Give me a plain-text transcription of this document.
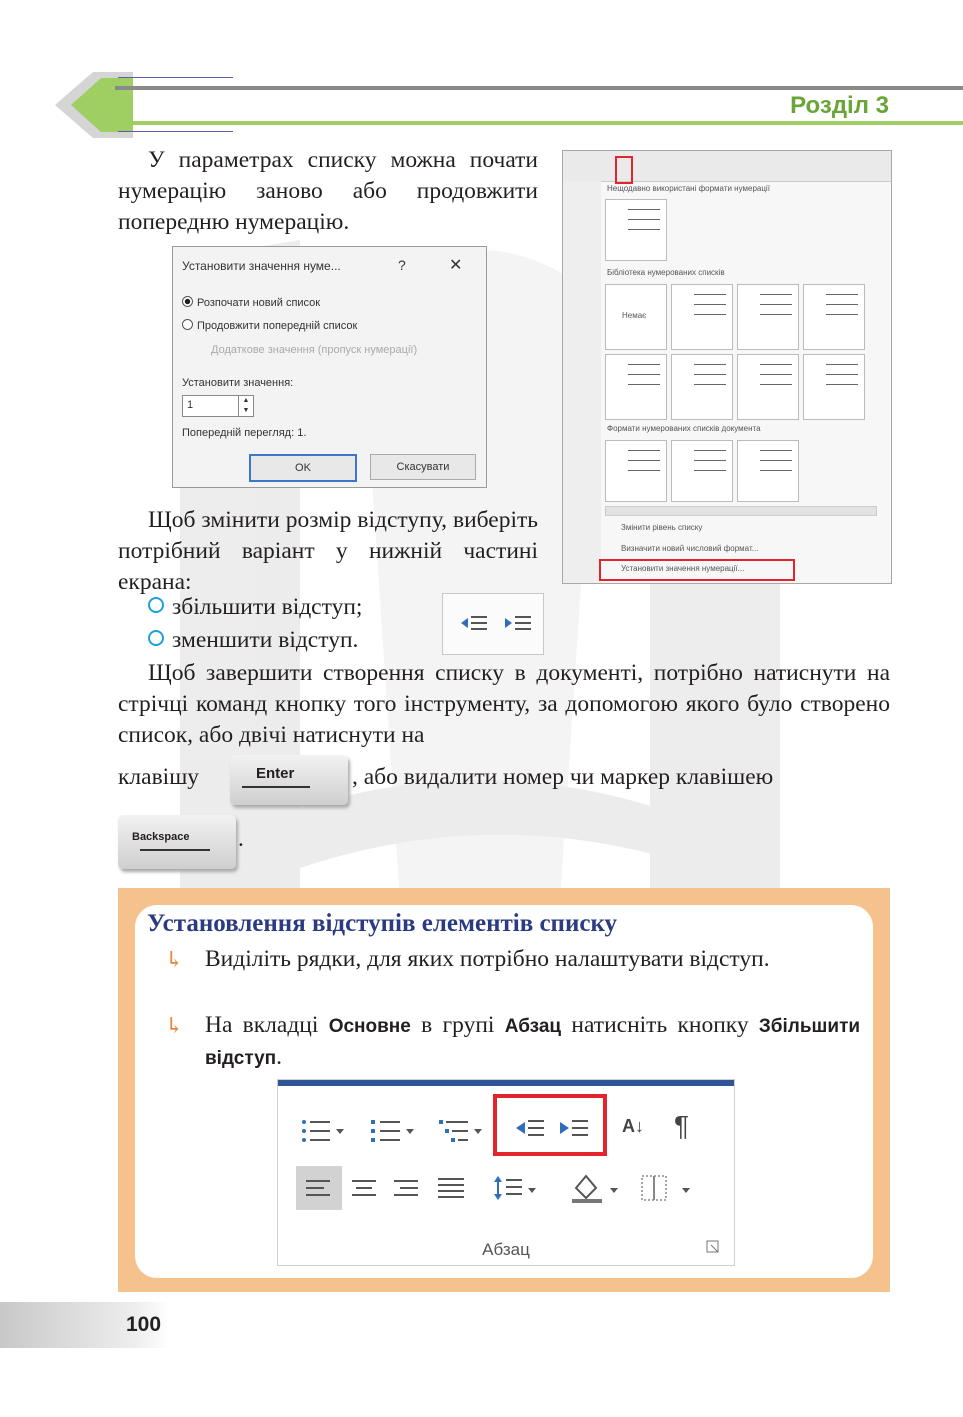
Розділ 3
У параметрах списку можна почати нумерацію заново або продовжити попередню нумерацію.
Установити значення нуме...	?	✕
Розпочати новий список
Продовжити попередній список
Додаткове значення (пропуск нумерації)
Установити значення:
1	▲
▼
Попередній перегляд: 1.
OK	Скасувати
Нещодавно використані формати нумерації
Бібліотека нумерованих списків
Немає
Формати нумерованих списків документа
Змінити рівень списку
Визначити новий числовий формат...
Установити значення нумерації...
Щоб змінити розмір відступу, виберіть потрібний варіант у нижній частині екрана:
збільшити відступ;
зменшити відступ.
Щоб завершити створення списку в документі, потрібно натиснути на стрічці команд кнопку того інструменту, за допомогою якого було створено список, або двічі натиснути на
клавішу	Enter , або видалити номер чи маркер клавішею
Backspace .
Установлення відступів елементів списку
↳ Виділіть рядки, для яких потрібно налаштувати відступ.
↳ На вкладці Основне в групі Абзац натисніть кнопку Збільшити відступ.
A↓ ¶
Абзац
100
